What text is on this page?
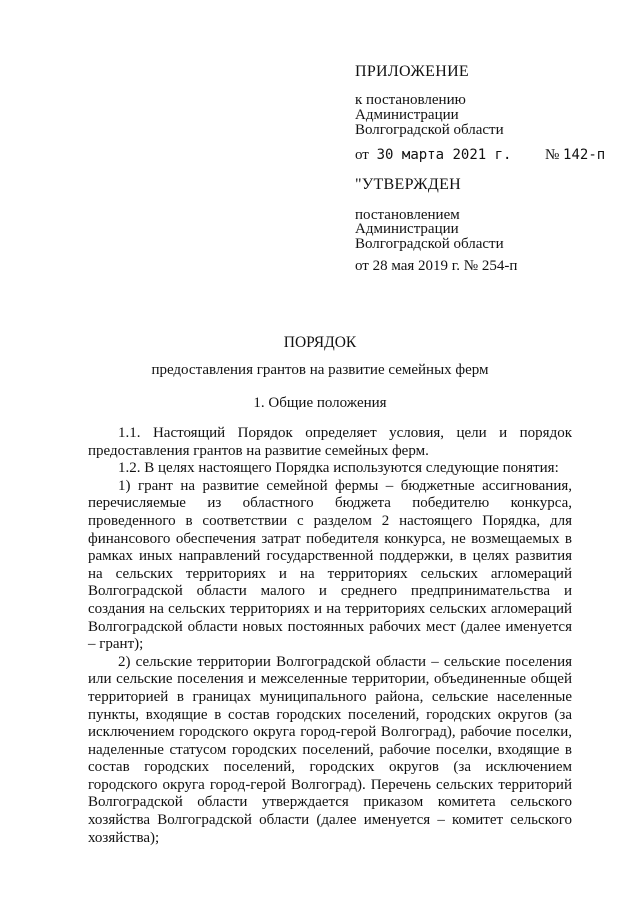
ПРИЛОЖЕНИЕ
к постановлению
Администрации
Волгоградской области
от 30 марта 2021 г. № 142-п
"УТВЕРЖДЕН
постановлением
Администрации
Волгоградской области
от 28 мая 2019 г. № 254-п
ПОРЯДОК
предоставления грантов на развитие семейных ферм
1. Общие положения

1.1. Настоящий Порядок определяет условия, цели и порядок предоставления грантов на развитие семейных ферм.

1.2. В целях настоящего Порядка используются следующие понятия:

1) грант на развитие семейной фермы – бюджетные ассигнования, перечисляемые из областного бюджета победителю конкурса, проведенного в соответствии с разделом 2 настоящего Порядка, для финансового обеспечения затрат победителя конкурса, не возмещаемых в рамках иных направлений государственной поддержки, в целях развития на сельских территориях и на территориях сельских агломераций Волгоградской области малого и среднего предпринимательства и создания на сельских территориях и на территориях сельских агломераций Волгоградской области новых постоянных рабочих мест (далее именуется – грант);

2) сельские территории Волгоградской области – сельские поселения или сельские поселения и межселенные территории, объединенные общей территорией в границах муниципального района, сельские населенные пункты, входящие в состав городских поселений, городских округов (за исключением городского округа город-герой Волгоград), рабочие поселки, наделенные статусом городских поселений, рабочие поселки, входящие в состав городских поселений, городских округов (за исключением городского округа город-герой Волгоград). Перечень сельских территорий Волгоградской области утверждается приказом комитета сельского хозяйства Волгоградской области (далее именуется – комитет сельского хозяйства);
